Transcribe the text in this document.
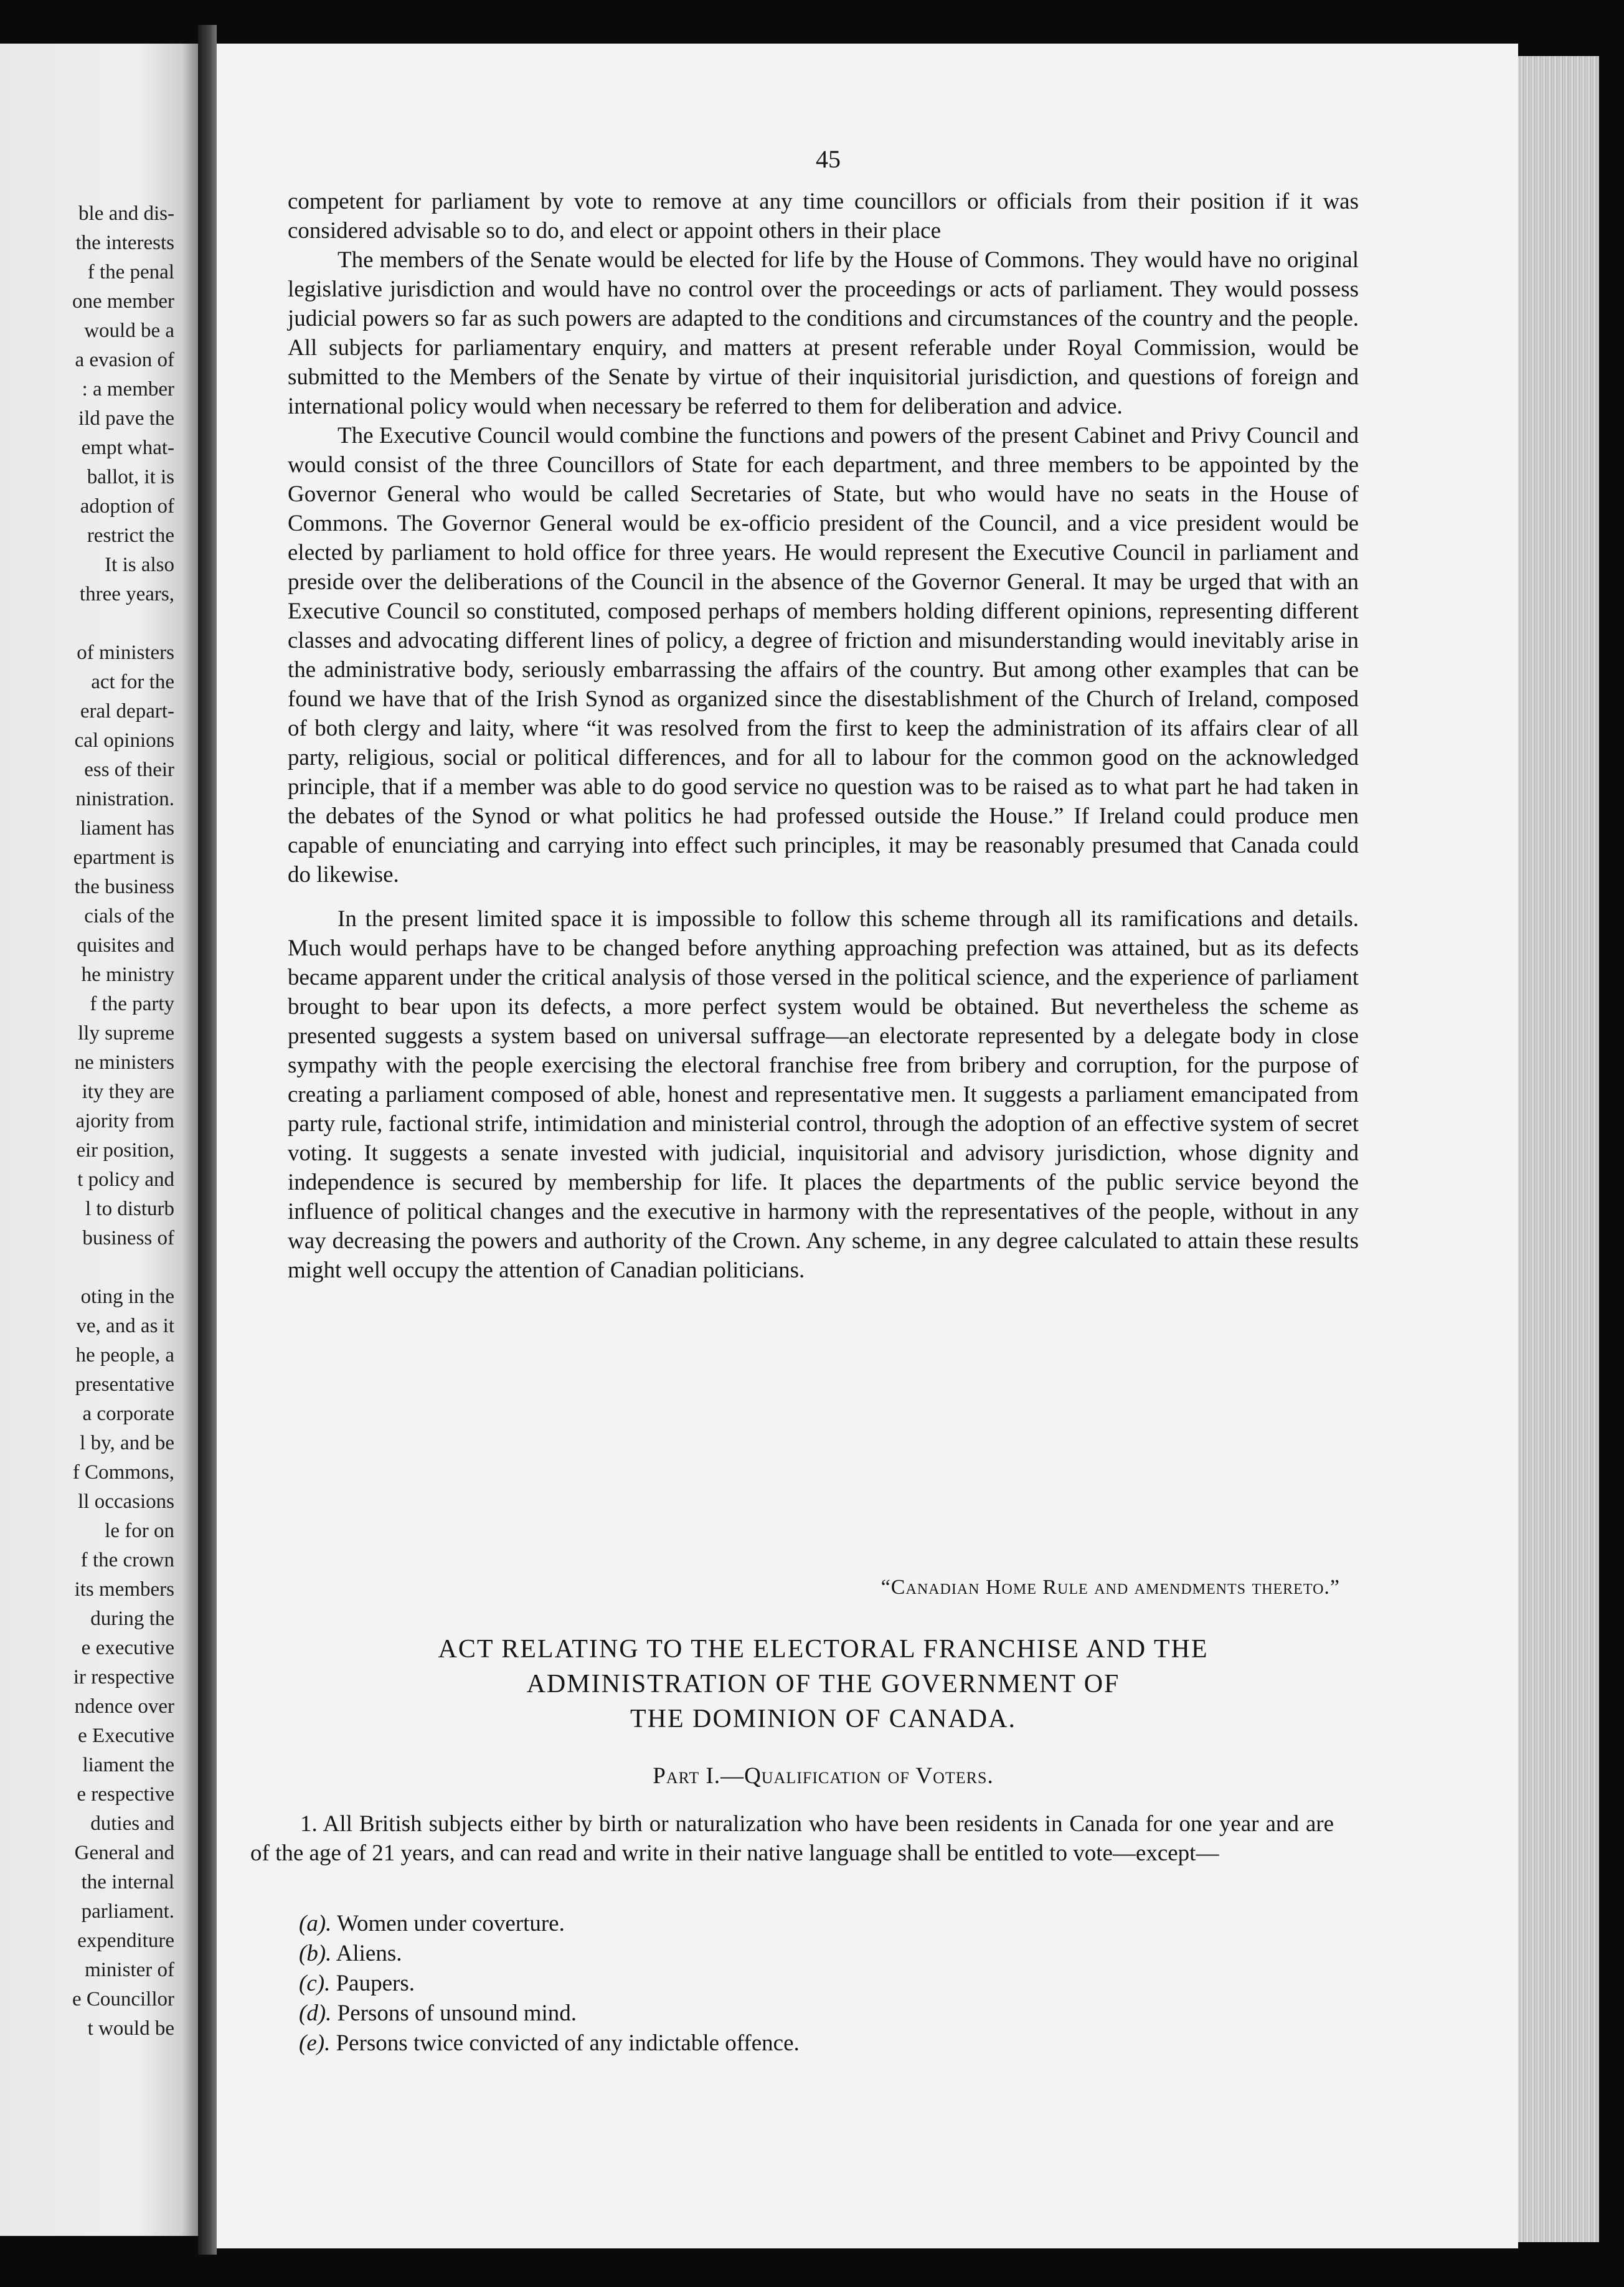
ble and dis-
the interests
f the penal
one member
would be a
a evasion of
: a member
ild pave the
empt what-
ballot, it is
adoption of
restrict the
It is also
three years,

of ministers
act for the
eral depart-
cal opinions
ess of their
ninistration.
liament has
epartment is
the business
cials of the
quisites and
he ministry
f the party
lly supreme
ne ministers
ity they are
ajority from
eir position,
t policy and
l to disturb
business of

oting in the
ve, and as it
he people, a
presentative
a corporate
l by, and be
f Commons,
ll occasions
le for on
f the crown
its members
during the
e executive
ir respective
ndence over
e Executive
liament the
e respective
duties and
General and
the internal
parliament.
expenditure
minister of
e Councillor
t would be
45

competent for parliament by vote to remove at any time councillors or officials from their position if it was considered advisable so to do, and elect or appoint others in their place

The members of the Senate would be elected for life by the House of Commons. They would have no original legislative jurisdiction and would have no control over the proceedings or acts of parliament. They would possess judicial powers so far as such powers are adapted to the conditions and circumstances of the country and the people. All subjects for parliamentary enquiry, and matters at present referable under Royal Commission, would be submitted to the Members of the Senate by virtue of their inquisitorial jurisdiction, and questions of foreign and international policy would when necessary be referred to them for deliberation and advice.

The Executive Council would combine the functions and powers of the present Cabinet and Privy Council and would consist of the three Councillors of State for each department, and three members to be appointed by the Governor General who would be called Secretaries of State, but who would have no seats in the House of Commons. The Governor General would be ex-officio president of the Council, and a vice president would be elected by parliament to hold office for three years. He would represent the Executive Council in parliament and preside over the deliberations of the Council in the absence of the Governor General. It may be urged that with an Executive Council so constituted, composed perhaps of members holding different opinions, representing different classes and advocating different lines of policy, a degree of friction and misunderstanding would inevitably arise in the administrative body, seriously embarrassing the affairs of the country. But among other examples that can be found we have that of the Irish Synod as organized since the disestablishment of the Church of Ireland, composed of both clergy and laity, where “it was resolved from the first to keep the administration of its affairs clear of all party, religious, social or political differences, and for all to labour for the common good on the acknowledged principle, that if a member was able to do good service no question was to be raised as to what part he had taken in the debates of the Synod or what politics he had professed outside the House.” If Ireland could produce men capable of enunciating and carrying into effect such principles, it may be reasonably presumed that Canada could do likewise.

In the present limited space it is impossible to follow this scheme through all its ramifications and details. Much would perhaps have to be changed before anything approaching prefection was attained, but as its defects became apparent under the critical analysis of those versed in the political science, and the experience of parliament brought to bear upon its defects, a more perfect system would be obtained. But nevertheless the scheme as presented suggests a system based on universal suffrage—an electorate represented by a delegate body in close sympathy with the people exercising the electoral franchise free from bribery and corruption, for the purpose of creating a parliament composed of able, honest and representative men. It suggests a parliament emancipated from party rule, factional strife, intimidation and ministerial control, through the adoption of an effective system of secret voting. It suggests a senate invested with judicial, inquisitorial and advisory jurisdiction, whose dignity and independence is secured by membership for life. It places the departments of the public service beyond the influence of political changes and the executive in harmony with the representatives of the people, without in any way decreasing the powers and authority of the Crown. Any scheme, in any degree calculated to attain these results might well occupy the attention of Canadian politicians.

“Canadian Home Rule and amendments thereto.”
ACT RELATING TO THE ELECTORAL FRANCHISE AND THE
ADMINISTRATION OF THE GOVERNMENT OF
THE DOMINION OF CANADA.
Part I.—Qualification of Voters.

1. All British subjects either by birth or naturalization who have been residents in Canada for one year and are of the age of 21 years, and can read and write in their native language shall be entitled to vote—except—

(a). Women under coverture.
(b). Aliens.
(c). Paupers.
(d). Persons of unsound mind.
(e). Persons twice convicted of any indictable offence.
